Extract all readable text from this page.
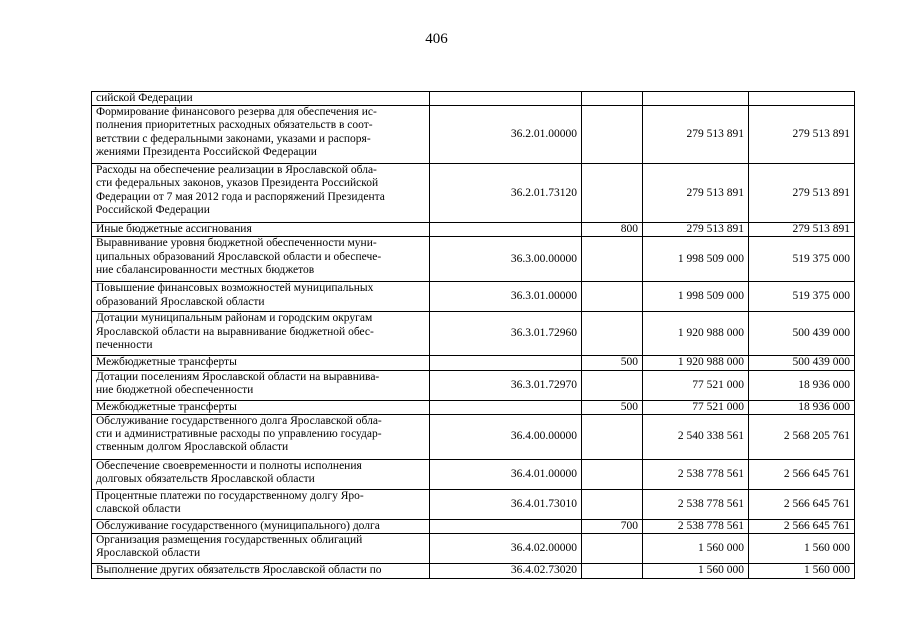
406
сийской Федерации				
Формирование финансового резерва для обеспечения ис-
полнения приоритетных расходных обязательств в соот-
ветствии с федеральными законами, указами и распоря-
жениями Президента Российской Федерации	36.2.01.00000		279 513 891	279 513 891
Расходы на обеспечение реализации в Ярославской обла-
сти федеральных законов, указов Президента Российской
Федерации от 7 мая 2012 года и распоряжений Президента
Российской Федерации	36.2.01.73120		279 513 891	279 513 891
Иные бюджетные ассигнования		800	279 513 891	279 513 891
Выравнивание уровня бюджетной обеспеченности муни-
ципальных образований Ярославской области и обеспече-
ние сбалансированности местных бюджетов	36.3.00.00000		1 998 509 000	519 375 000
Повышение финансовых возможностей муниципальных
образований Ярославской области	36.3.01.00000		1 998 509 000	519 375 000
Дотации муниципальным районам и городским округам
Ярославской области на выравнивание бюджетной обес-
печенности	36.3.01.72960		1 920 988 000	500 439 000
Межбюджетные трансферты		500	1 920 988 000	500 439 000
Дотации поселениям Ярославской области на выравнива-
ние бюджетной обеспеченности	36.3.01.72970		77 521 000	18 936 000
Межбюджетные трансферты		500	77 521 000	18 936 000
Обслуживание государственного долга Ярославской обла-
сти и административные расходы по управлению государ-
ственным долгом Ярославской области	36.4.00.00000		2 540 338 561	2 568 205 761
Обеспечение своевременности и полноты исполнения
долговых обязательств Ярославской области	36.4.01.00000		2 538 778 561	2 566 645 761
Процентные платежи по государственному долгу Яро-
славской области	36.4.01.73010		2 538 778 561	2 566 645 761
Обслуживание государственного (муниципального) долга		700	2 538 778 561	2 566 645 761
Организация размещения государственных облигаций
Ярославской области	36.4.02.00000		1 560 000	1 560 000
Выполнение других обязательств Ярославской области по	36.4.02.73020		1 560 000	1 560 000
